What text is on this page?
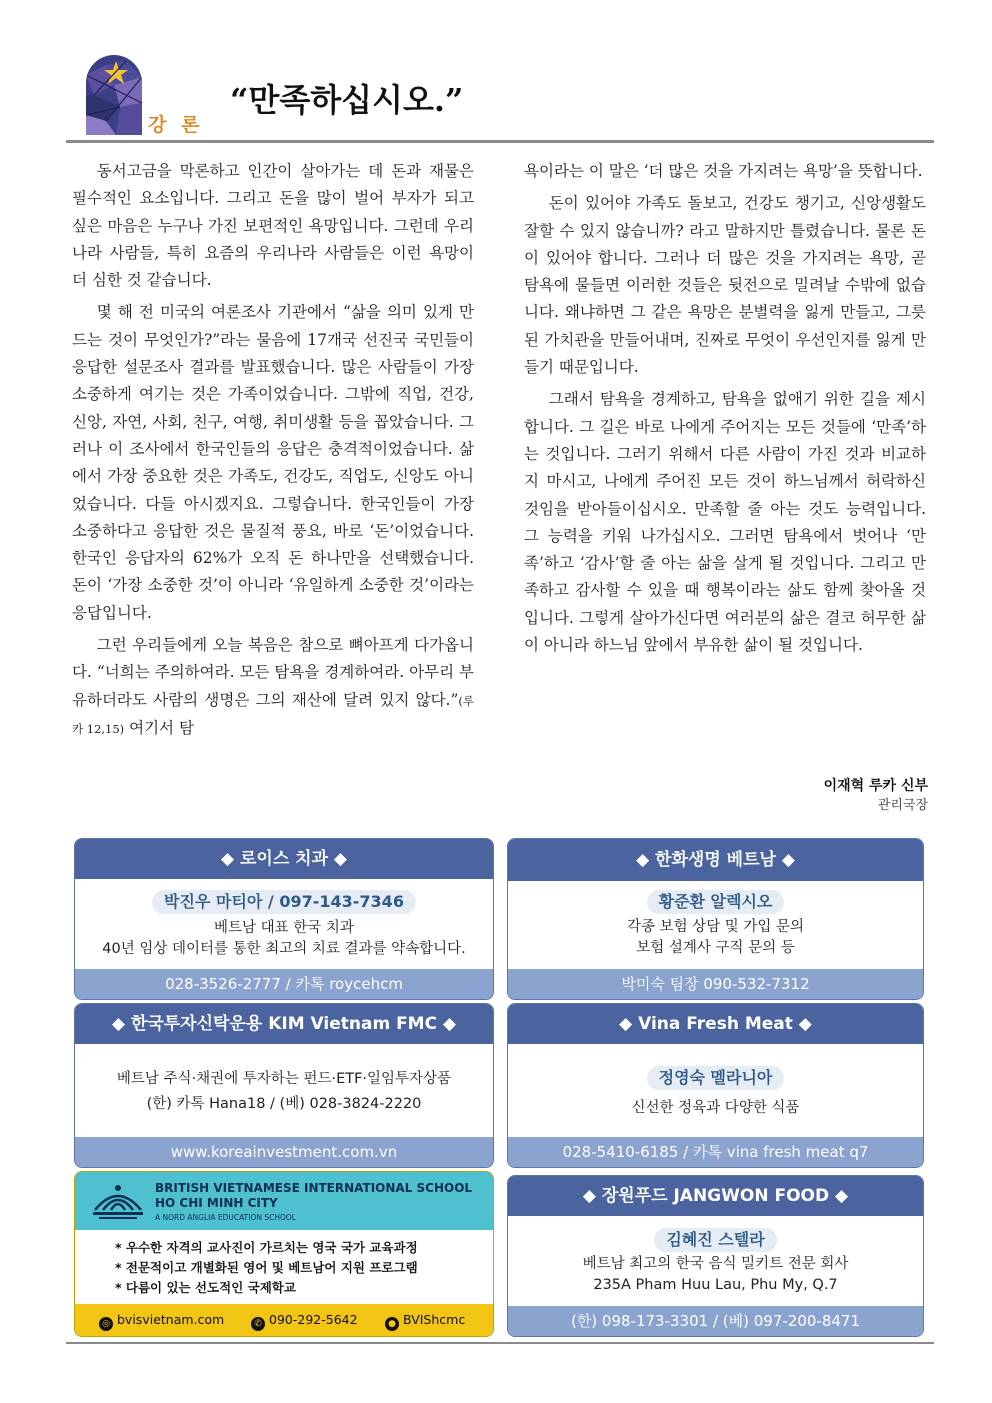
강 론
“만족하십시오.”

동서고금을 막론하고 인간이 살아가는 데 돈과 재물은 필수적인 요소입니다. 그리고 돈을 많이 벌어 부자가 되고 싶은 마음은 누구나 가진 보편적인 욕망입니다. 그런데 우리나라 사람들, 특히 요즘의 우리나라 사람들은 이런 욕망이 더 심한 것 같습니다.

몇 해 전 미국의 여론조사 기관에서 “삶을 의미 있게 만드는 것이 무엇인가?”라는 물음에 17개국 선진국 국민들이 응답한 설문조사 결과를 발표했습니다. 많은 사람들이 가장 소중하게 여기는 것은 가족이었습니다. 그밖에 직업, 건강, 신앙, 자연, 사회, 친구, 여행, 취미생활 등을 꼽았습니다. 그러나 이 조사에서 한국인들의 응답은 충격적이었습니다. 삶에서 가장 중요한 것은 가족도, 건강도, 직업도, 신앙도 아니었습니다. 다들 아시겠지요. 그렇습니다. 한국인들이 가장 소중하다고 응답한 것은 물질적 풍요, 바로 ‘돈’이었습니다. 한국인 응답자의 62%가 오직 돈 하나만을 선택했습니다. 돈이 ‘가장 소중한 것’이 아니라 ‘유일하게 소중한 것’이라는 응답입니다.

그런 우리들에게 오늘 복음은 참으로 뼈아프게 다가옵니다. “너희는 주의하여라. 모든 탐욕을 경계하여라. 아무리 부유하더라도 사람의 생명은 그의 재산에 달려 있지 않다.”(루카 12,15) 여기서 탐

욕이라는 이 말은 ‘더 많은 것을 가지려는 욕망’을 뜻합니다.

돈이 있어야 가족도 돌보고, 건강도 챙기고, 신앙생활도 잘할 수 있지 않습니까? 라고 말하지만 틀렸습니다. 물론 돈이 있어야 합니다. 그러나 더 많은 것을 가지려는 욕망, 곧 탐욕에 물들면 이러한 것들은 뒷전으로 밀려날 수밖에 없습니다. 왜냐하면 그 같은 욕망은 분별력을 잃게 만들고, 그릇된 가치관을 만들어내며, 진짜로 무엇이 우선인지를 잃게 만들기 때문입니다.

그래서 탐욕을 경계하고, 탐욕을 없애기 위한 길을 제시합니다. 그 길은 바로 나에게 주어지는 모든 것들에 ‘만족’하는 것입니다. 그러기 위해서 다른 사람이 가진 것과 비교하지 마시고, 나에게 주어진 모든 것이 하느님께서 허락하신 것임을 받아들이십시오. 만족할 줄 아는 것도 능력입니다. 그 능력을 키워 나가십시오. 그러면 탐욕에서 벗어나 ‘만족’하고 ‘감사’할 줄 아는 삶을 살게 될 것입니다. 그리고 만족하고 감사할 수 있을 때 행복이라는 삶도 함께 찾아올 것입니다. 그렇게 살아가신다면 여러분의 삶은 결코 허무한 삶이 아니라 하느님 앞에서 부유한 삶이 될 것입니다.

이재혁 루카 신부
관리국장
◆ 로이스 치과 ◆
박진우 마티아 / 097-143-7346
베트남 대표 한국 치과
40년 임상 데이터를 통한 최고의 치료 결과를 약속합니다.
028-3526-2777 / 카톡 roycehcm
◆ 한화생명 베트남 ◆
황준환 알렉시오
각종 보험 상담 및 가입 문의
보험 설계사 구직 문의 등
박미숙 팀장 090-532-7312
◆ 한국투자신탁운용 KIM Vietnam FMC ◆
베트남 주식·채권에 투자하는 펀드·ETF·일임투자상품
(한) 카톡 Hana18 / (베) 028-3824-2220
www.koreainvestment.com.vn
◆ Vina Fresh Meat ◆
정영숙 멜라니아
신선한 정육과 다양한 식품
028-5410-6185 / 카톡 vina fresh meat q7
BRITISH VIETNAMESE INTERNATIONAL SCHOOL
HO CHI MINH CITY
A NORD ANGLIA EDUCATION SCHOOL
* 우수한 자격의 교사진이 가르치는 영국 국가 교육과정
* 전문적이고 개별화된 영어 및 베트남어 지원 프로그램
* 다름이 있는 선도적인 국제학교
◎ bvisvietnam.com	✆ 090-292-5642	● BVIShcmc
◆ 장원푸드 JANGWON FOOD ◆
김혜진 스텔라
베트남 최고의 한국 음식 밀키트 전문 회사
235A Pham Huu Lau, Phu My, Q.7
(한) 098-173-3301 / (베) 097-200-8471
